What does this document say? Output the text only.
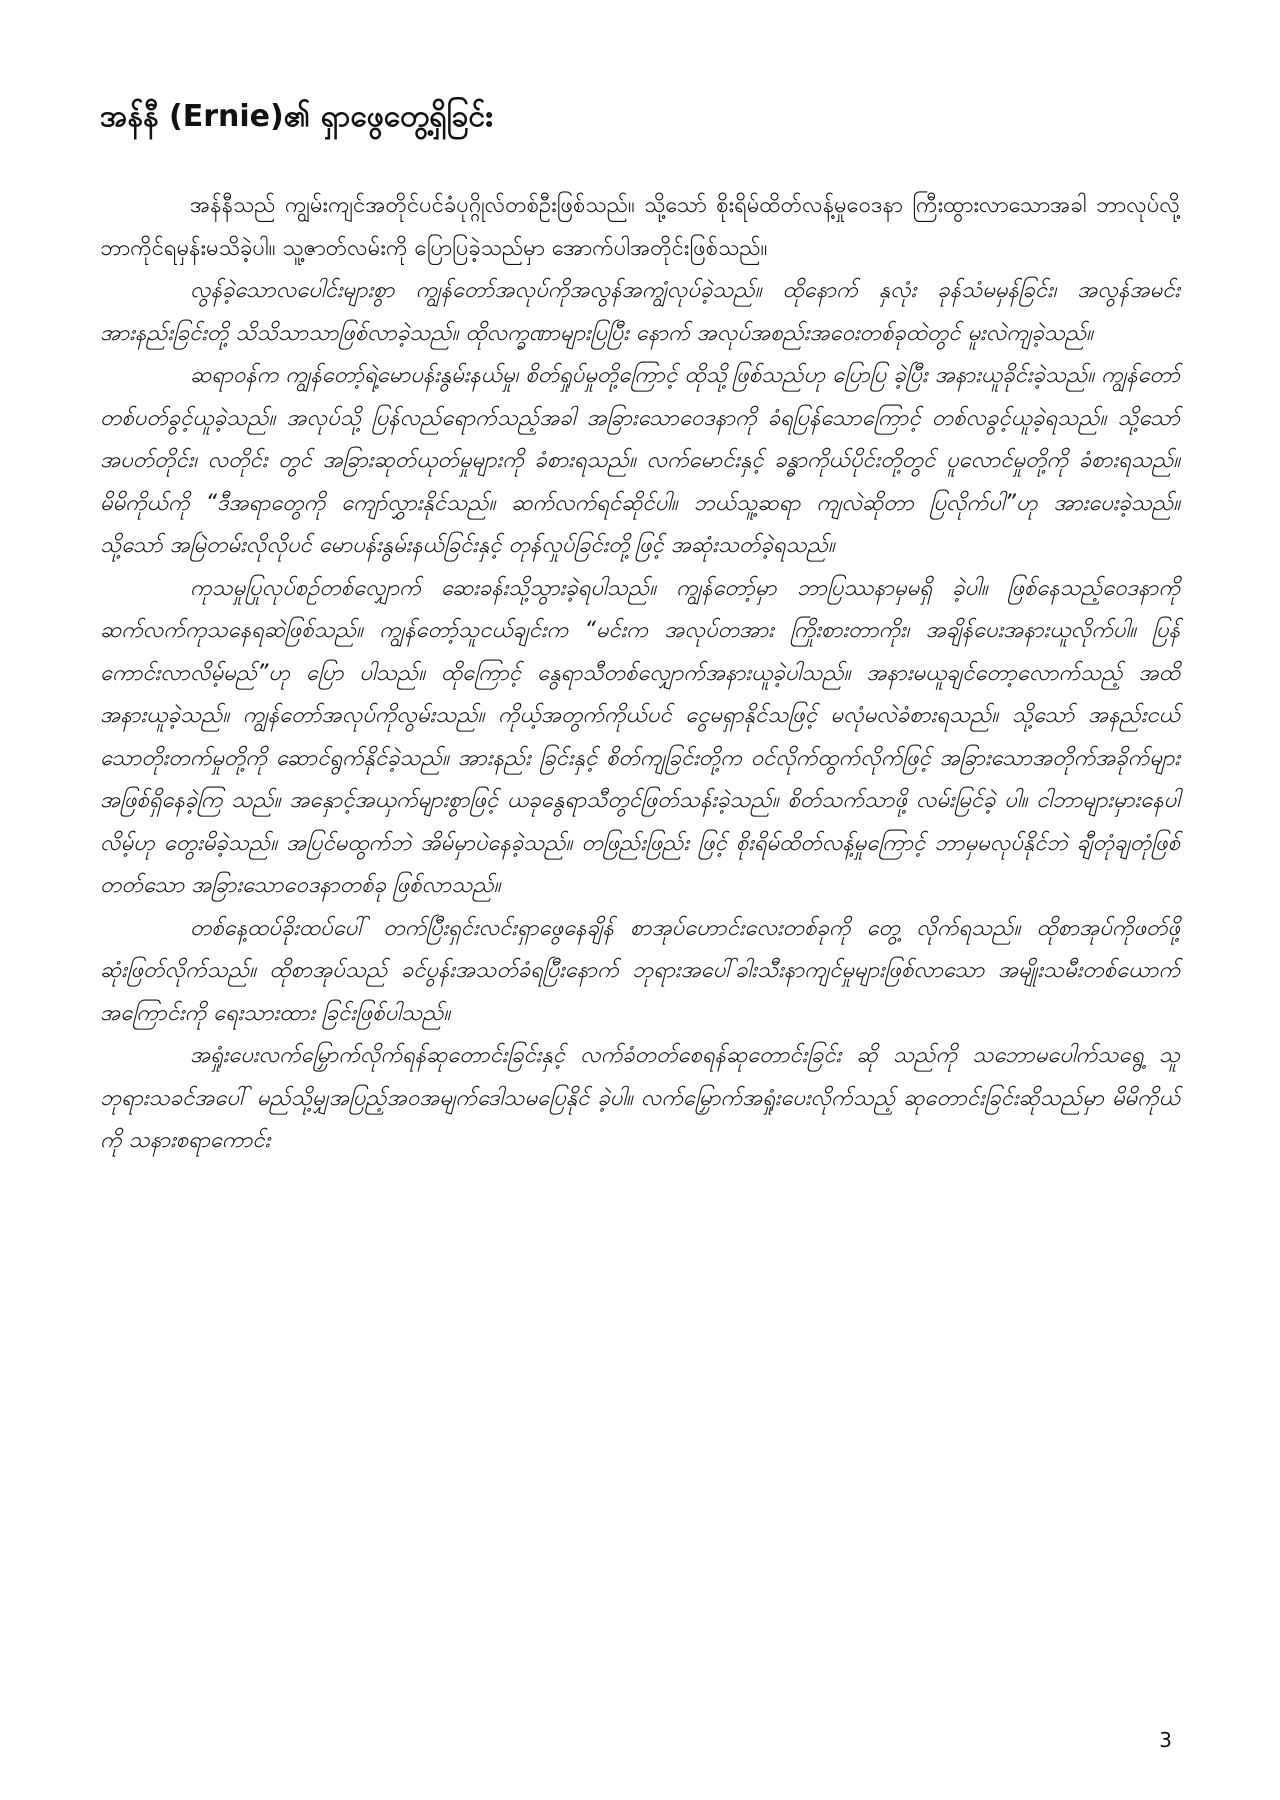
အန်နီ (Ernie)၏ ရှာဖွေတွေ့ရှိခြင်း

အန်နီသည် ကျွမ်းကျင်အတိုင်ပင်ခံပုဂ္ဂိုလ်တစ်ဦးဖြစ်သည်။ သို့သော် စိုးရိမ်ထိတ်လန့်မှုဝေဒနာ ကြီးထွားလာသောအခါ ဘာလုပ်လို့ဘာကိုင်ရမှန်းမသိခဲ့ပါ။ သူ့ဇာတ်လမ်းကို ပြောပြခဲ့သည်မှာ အောက်ပါအတိုင်းဖြစ်သည်။

လွန်ခဲ့သောလပေါင်းများစွာ ကျွန်တော်အလုပ်ကိုအလွန်အကျွံလုပ်ခဲ့သည်။ ထိုနောက် နှလုံး ခုန်သံမမှန်ခြင်း၊ အလွန်အမင်းအားနည်းခြင်းတို့ သိသိသာသာဖြစ်လာခဲ့သည်။ ထိုလက္ခဏာများပြပြီး နောက် အလုပ်အစည်းအဝေးတစ်ခုထဲတွင် မူးလဲကျခဲ့သည်။

ဆရာဝန်က ကျွန်တော့်ရဲ့မောပန်းနွမ်းနယ်မှု၊ စိတ်ရှုပ်မှုတို့ကြောင့် ထိုသို့ဖြစ်သည်ဟု ပြောပြ ခဲ့ပြီး အနားယူခိုင်းခဲ့သည်။ ကျွန်တော် တစ်ပတ်ခွင့်ယူခဲ့သည်။ အလုပ်သို့ ပြန်လည်ရောက်သည့်အခါ အခြားသောဝေဒနာကို ခံရပြန်သောကြောင့် တစ်လခွင့်ယူခဲ့ရသည်။ သို့သော် အပတ်တိုင်း၊ လတိုင်း တွင် အခြားဆုတ်ယုတ်မှုများကို ခံစားရသည်။ လက်မောင်းနှင့် ခန္ဓာကိုယ်ပိုင်းတို့တွင် ပူလောင်မှုတို့ကို ခံစားရသည်။ မိမိကိုယ်ကို “ဒီအရာတွေကို ကျော်လွှားနိုင်သည်။ ဆက်လက်ရင်ဆိုင်ပါ။ ဘယ်သူ့ဆရာ ကျလဲဆိုတာ ပြလိုက်ပါ”ဟု အားပေးခဲ့သည်။ သို့သော် အမြဲတမ်းလိုလိုပင် မောပန်းနွမ်းနယ်ခြင်းနှင့် တုန်လှုပ်ခြင်းတို့ဖြင့် အဆုံးသတ်ခဲ့ရသည်။

ကုသမှုပြုလုပ်စဉ်တစ်လျှောက် ဆေးခန်းသို့သွားခဲ့ရပါသည်။ ကျွန်တော့်မှာ ဘာပြဿနာမှမရှိ ခဲ့ပါ။ ဖြစ်နေသည့်ဝေဒနာကို ဆက်လက်ကုသနေရဆဲဖြစ်သည်။ ကျွန်တော့်သူငယ်ချင်းက “မင်းက အလုပ်တအား ကြိုးစားတာကိုး၊ အချိန်ပေးအနားယူလိုက်ပါ။ ပြန်ကောင်းလာလိမ့်မည်”ဟု ပြော ပါသည်။ ထိုကြောင့် နွေရာသီတစ်လျှောက်အနားယူခဲ့ပါသည်။ အနားမယူချင်တော့လောက်သည့် အထိ အနားယူခဲ့သည်။ ကျွန်တော်အလုပ်ကိုလွမ်းသည်။ ကိုယ့်အတွက်ကိုယ်ပင် ငွေမရှာနိုင်သဖြင့် မလုံမလဲခံစားရသည်။ သို့သော် အနည်းငယ်သောတိုးတက်မှုတို့ကို ဆောင်ရွက်နိုင်ခဲ့သည်။ အားနည်း ခြင်းနှင့် စိတ်ကျခြင်းတို့က ဝင်လိုက်ထွက်လိုက်ဖြင့် အခြားသောအတိုက်အခိုက်များ အဖြစ်ရှိနေခဲ့ကြ သည်။ အနှောင့်အယှက်များစွာဖြင့် ယခုနွေရာသီတွင်ဖြတ်သန်းခဲ့သည်။ စိတ်သက်သာဖို့ လမ်းမြင်ခဲ့ ပါ။ ငါဘာများမှားနေပါလိမ့်ဟု တွေးမိခဲ့သည်။ အပြင်မထွက်ဘဲ အိမ်မှာပဲနေခဲ့သည်။ တဖြည်းဖြည်း ဖြင့် စိုးရိမ်ထိတ်လန့်မှုကြောင့် ဘာမှမလုပ်နိုင်ဘဲ ချီတုံချတုံဖြစ်တတ်သော အခြားသောဝေဒနာတစ်ခု ဖြစ်လာသည်။

တစ်နေ့ထပ်ခိုးထပ်ပေါ် တက်ပြီးရှင်းလင်းရှာဖွေနေချိန် စာအုပ်ဟောင်းလေးတစ်ခုကို တွေ့ လိုက်ရသည်။ ထိုစာအုပ်ကိုဖတ်ဖို့ ဆုံးဖြတ်လိုက်သည်။ ထိုစာအုပ်သည် ခင်ပွန်းအသတ်ခံရပြီးနောက် ဘုရားအပေါ်ခါးသီးနာကျင်မှုများဖြစ်လာသော အမျိုးသမီးတစ်ယောက်အကြောင်းကို ရေးသားထား ခြင်းဖြစ်ပါသည်။

အရှုံးပေးလက်မြှောက်လိုက်ရန်ဆုတောင်းခြင်းနှင့် လက်ခံတတ်စေရန်ဆုတောင်းခြင်း ဆို သည်ကို သဘောမပေါက်သရွေ့ သူ ဘုရားသခင်အပေါ် မည်သို့မျှအပြည့်အဝအမျက်ဒေါသမပြေနိုင် ခဲ့ပါ။ လက်မြှောက်အရှုံးပေးလိုက်သည့် ဆုတောင်းခြင်းဆိုသည်မှာ မိမိကိုယ်ကို သနားစရာကောင်း

3
